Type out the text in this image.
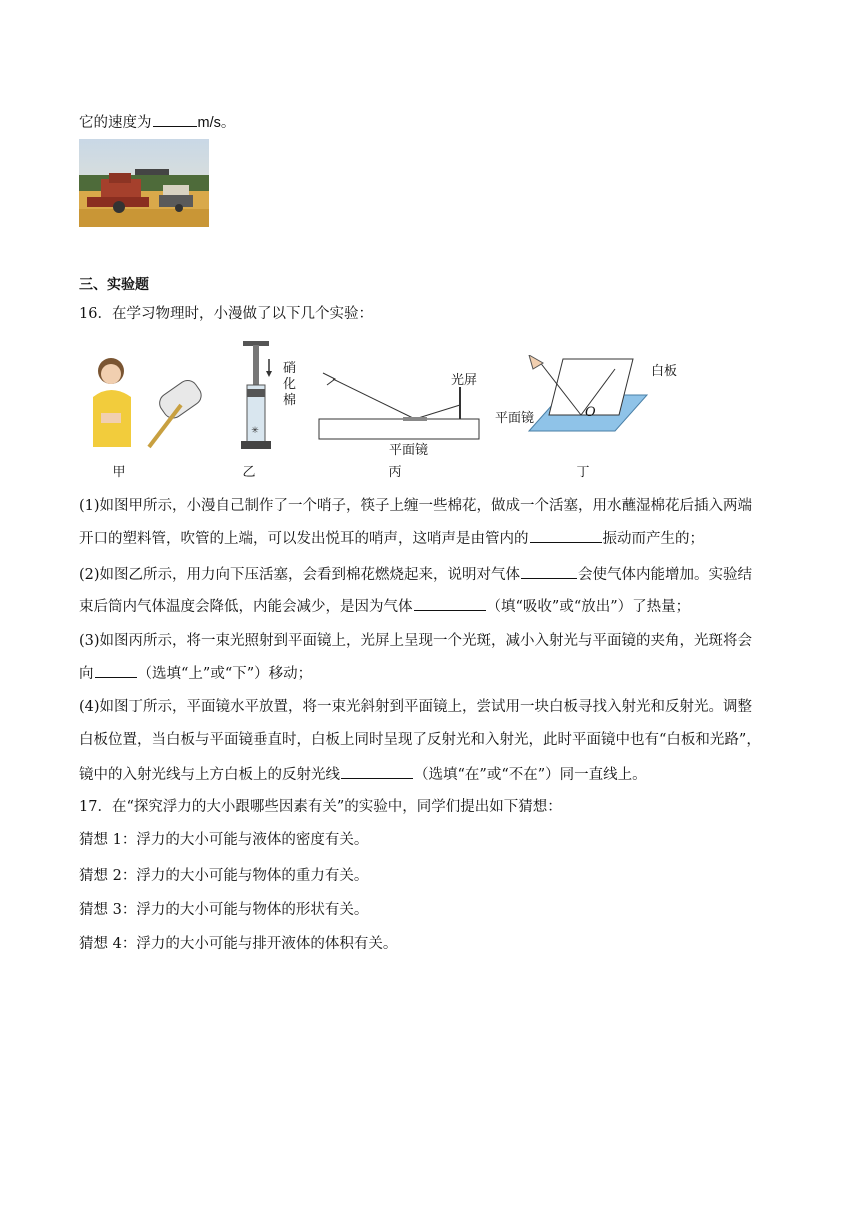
它的速度为	m/s。
三、实验题
16．在学习物理时，小漫做了以下几个实验：
甲
✳
硝
化
棉
乙
光屏
平面镜
丙
白板
平面镜	O
丁
(1)如图甲所示，小漫自己制作了一个哨子，筷子上缠一些棉花，做成一个活塞，用水蘸湿棉花后插入两端
开口的塑料管，吹管的上端，可以发出悦耳的哨声，这哨声是由管内的	振动而产生的；
(2)如图乙所示，用力向下压活塞，会看到棉花燃烧起来，说明对气体	会使气体内能增加。实验结
束后筒内气体温度会降低，内能会减少，是因为气体	（填“吸收”或“放出”）了热量；
(3)如图丙所示，将一束光照射到平面镜上，光屏上呈现一个光斑，减小入射光与平面镜的夹角，光斑将会
向	（选填“上”或“下”）移动；
(4)如图丁所示，平面镜水平放置，将一束光斜射到平面镜上，尝试用一块白板寻找入射光和反射光。调整
白板位置，当白板与平面镜垂直时，白板上同时呈现了反射光和入射光，此时平面镜中也有“白板和光路”，
镜中的入射光线与上方白板上的反射光线	（选填“在”或“不在”）同一直线上。
17．在“探究浮力的大小跟哪些因素有关”的实验中，同学们提出如下猜想：
猜想 1：浮力的大小可能与液体的密度有关。
猜想 2：浮力的大小可能与物体的重力有关。
猜想 3：浮力的大小可能与物体的形状有关。
猜想 4：浮力的大小可能与排开液体的体积有关。
